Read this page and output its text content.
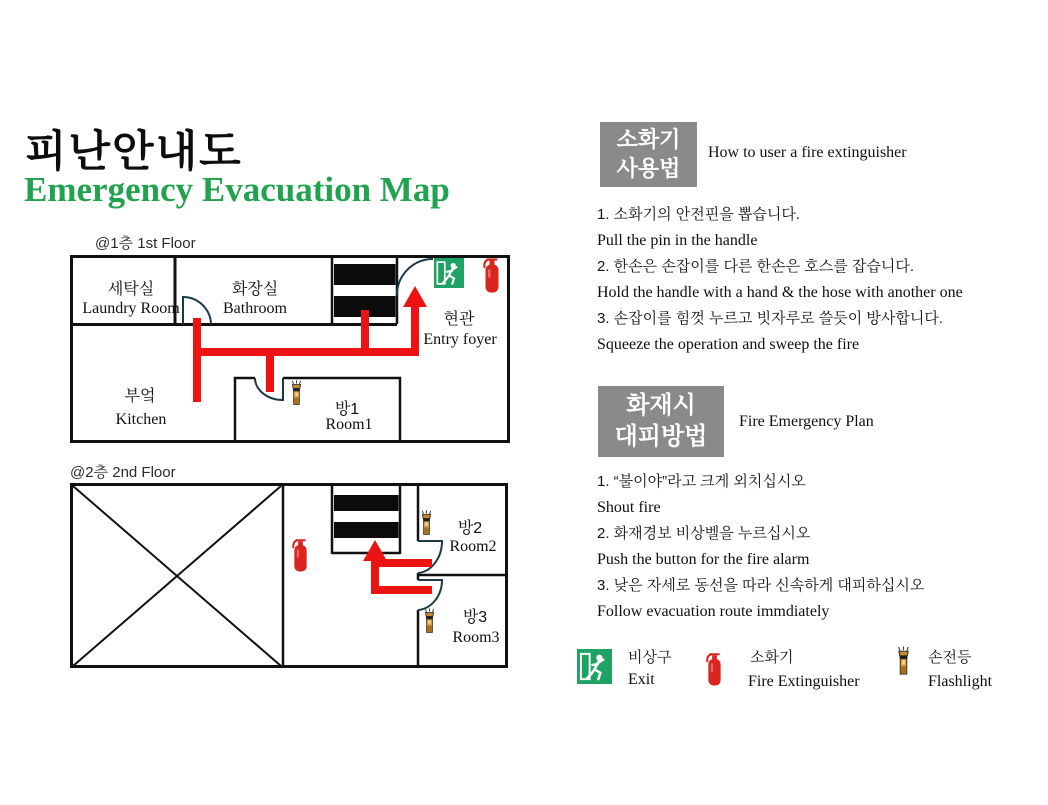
피난안내도
Emergency Evacuation Map
@1층 1st Floor
세탁실
Laundry Room
화장실
Bathroom
현관
Entry foyer
부엌
Kitchen
방1
Room1
@2층 2nd Floor
방2
Room2
방3
Room3
소화기
사용법
How to user a fire extinguisher
1. 소화기의 안전핀을 뽑습니다.
Pull the pin in the handle
2. 한손은 손잡이를 다른 한손은 호스를 잡습니다.
Hold the handle with a hand & the hose with another one
3. 손잡이를 힘껏 누르고 빗자루로 쓸듯이 방사합니다.
Squeeze the operation and sweep the fire
화재시
대피방법
Fire Emergency Plan
1. “불이야”라고 크게 외치십시오
Shout fire
2. 화재경보 비상벨을 누르십시오
Push the button for the fire alarm
3. 낮은 자세로 동선을 따라 신속하게 대피하십시오
Follow evacuation route immdiately
비상구
Exit
소화기
Fire Extinguisher
손전등
Flashlight
